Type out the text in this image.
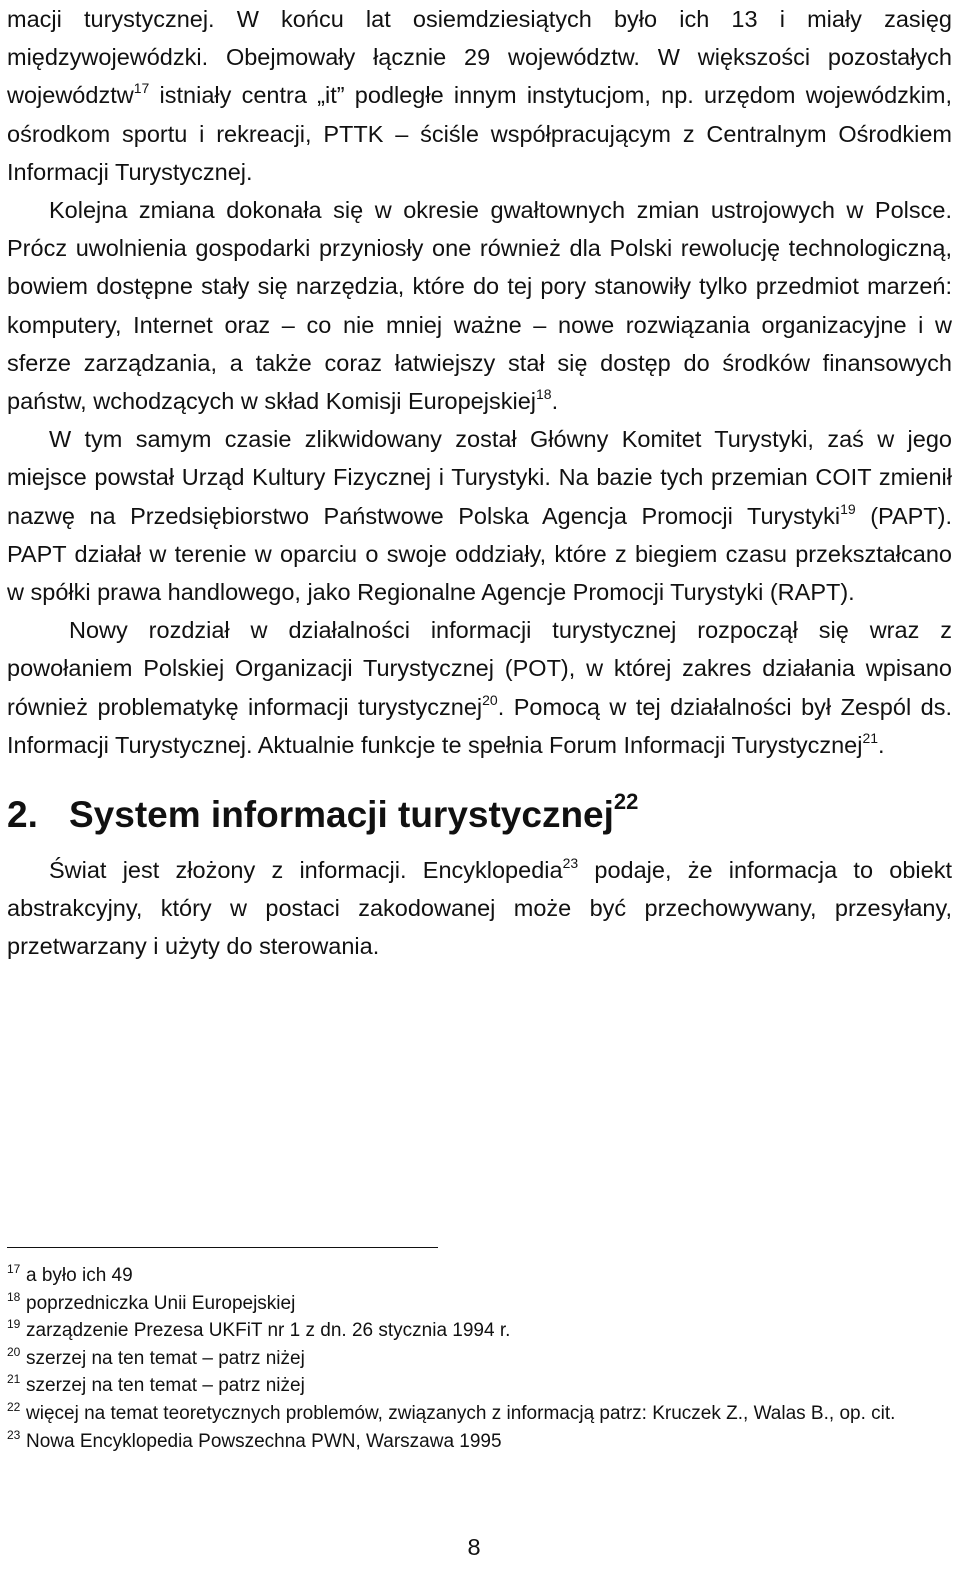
macji turystycznej. W końcu lat osiemdziesiątych było ich 13 i miały zasięg międzywojewódzki. Obejmowały łącznie 29 województw. W większości pozostałych województw$^{17}$ istniały centra „it” podległe innym instytucjom, np. urzędom wojewódzkim, ośrodkom sportu i rekreacji, PTTK – ściśle współpracującym z Centralnym Ośrodkiem Informacji Turystycznej.

Kolejna zmiana dokonała się w okresie gwałtownych zmian ustrojowych w Polsce. Prócz uwolnienia gospodarki przyniosły one również dla Polski rewolucję technologiczną, bowiem dostępne stały się narzędzia, które do tej pory stanowiły tylko przedmiot marzeń: komputery, Internet oraz – co nie mniej ważne – nowe rozwiązania organizacyjne i w sferze zarządzania, a także coraz łatwiejszy stał się dostęp do środków finansowych państw, wchodzących w skład Komisji Europejskiej$^{18}$.

W tym samym czasie zlikwidowany został Główny Komitet Turystyki, zaś w jego miejsce powstał Urząd Kultury Fizycznej i Turystyki. Na bazie tych przemian COIT zmienił nazwę na Przedsiębiorstwo Państwowe Polska Agencja Promocji Turystyki$^{19}$ (PAPT). PAPT działał w terenie w oparciu o swoje oddziały, które z biegiem czasu przekształcano w spółki prawa handlowego, jako Regionalne Agencje Promocji Turystyki (RAPT).

Nowy rozdział w działalności informacji turystycznej rozpoczął się wraz z powołaniem Polskiej Organizacji Turystycznej (POT), w której zakres działania wpisano również problematykę informacji turystycznej$^{20}$. Pomocą w tej działalności był Zespól ds. Informacji Turystycznej. Aktualnie funkcje te spełnia Forum Informacji Turystycznej$^{21}$.

2. System informacji turystycznej$^{22}$

Świat jest złożony z informacji. Encyklopedia$^{23}$ podaje, że informacja to obiekt abstrakcyjny, który w postaci zakodowanej może być przechowywany, przesyłany, przetwarzany i użyty do sterowania.

17 a było ich 49
18 poprzedniczka Unii Europejskiej
19 zarządzenie Prezesa UKFiT nr 1 z dn. 26 stycznia 1994 r.
20 szerzej na ten temat – patrz niżej
21 szerzej na ten temat – patrz niżej
22 więcej na temat teoretycznych problemów, związanych z informacją patrz: Kruczek Z., Walas B., op. cit.
23 Nowa Encyklopedia Powszechna PWN, Warszawa 1995
8
